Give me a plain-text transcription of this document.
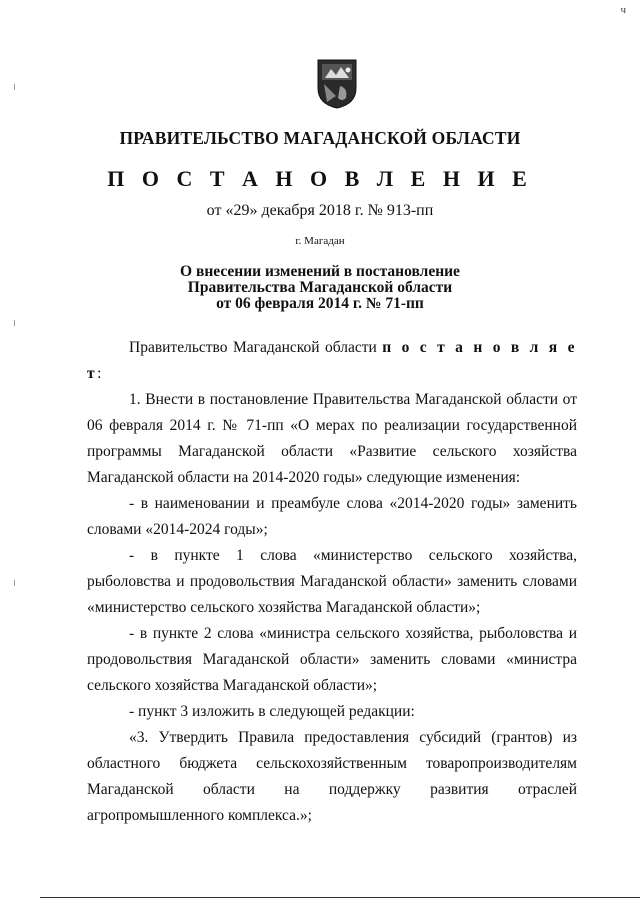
ч
ПРАВИТЕЛЬСТВО МАГАДАНСКОЙ ОБЛАСТИ
П О С Т А Н О В Л Е Н И Е
от «29» декабря 2018 г. № 913-пп
г. Магадан
О внесении изменений в постановление
Правительства Магаданской области
от 06 февраля 2014 г. № 71-пп

Правительство Магаданской области п о с т а н о в л я е т:

1. Внести в постановление Правительства Магаданской области от 06 февраля 2014 г. № 71-пп «О мерах по реализации государственной программы Магаданской области «Развитие сельского хозяйства Магаданской области на 2014-2020 годы» следующие изменения:

- в наименовании и преамбуле слова «2014-2020 годы» заменить словами «2014-2024 годы»;

- в пункте 1 слова «министерство сельского хозяйства, рыболовства и продовольствия Магаданской области» заменить словами «министерство сельского хозяйства Магаданской области»;

- в пункте 2 слова «министра сельского хозяйства, рыболовства и продовольствия Магаданской области» заменить словами «министра сельского хозяйства Магаданской области»;

- пункт 3 изложить в следующей редакции:

«3. Утвердить Правила предоставления субсидий (грантов) из областного бюджета сельскохозяйственным товаропроизводителям Магаданской области на поддержку развития отраслей агропромышленного комплекса.»;
